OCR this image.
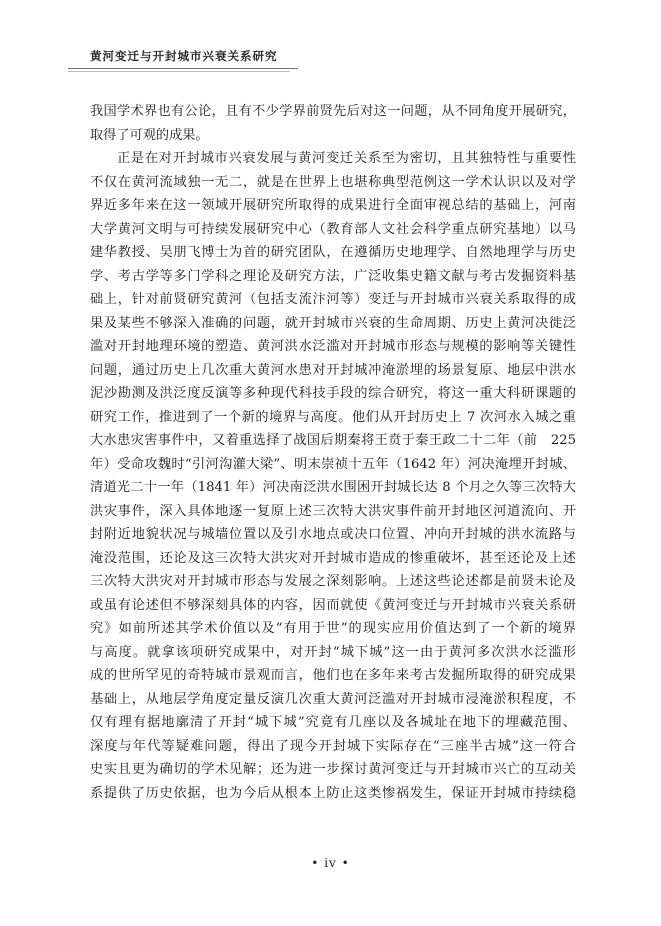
黄河变迁与开封城市兴衰关系研究
我国学术界也有公论，且有不少学界前贤先后对这一问题，从不同角度开展研究，
取得了可观的成果。
正是在对开封城市兴衰发展与黄河变迁关系至为密切，且其独特性与重要性
不仅在黄河流域独一无二，就是在世界上也堪称典型范例这一学术认识以及对学
界近多年来在这一领域开展研究所取得的成果进行全面审视总结的基础上，河南
大学黄河文明与可持续发展研究中心（教育部人文社会科学重点研究基地）以马
建华教授、吴朋飞博士为首的研究团队，在遵循历史地理学、自然地理学与历史
学、考古学等多门学科之理论及研究方法，广泛收集史籍文献与考古发掘资料基
础上，针对前贤研究黄河（包括支流汴河等）变迁与开封城市兴衰关系取得的成
果及某些不够深入准确的问题，就开封城市兴衰的生命周期、历史上黄河决徙泛
滥对开封地理环境的塑造、黄河洪水泛滥对开封城市形态与规模的影响等关键性
问题，通过历史上几次重大黄河水患对开封城冲淹淤埋的场景复原、地层中洪水
泥沙勘测及洪泛度反演等多种现代科技手段的综合研究，将这一重大科研课题的
研究工作，推进到了一个新的境界与高度。他们从开封历史上 7 次河水入城之重
大水患灾害事件中，又着重选择了战国后期秦将王贲于秦王政二十二年（前　225
年）受命攻魏时“引河沟灌大梁”、明末崇祯十五年（1642 年）河决淹埋开封城、
清道光二十一年（1841 年）河决南泛洪水围困开封城长达 8 个月之久等三次特大
洪灾事件，深入具体地逐一复原上述三次特大洪灾事件前开封地区河道流向、开
封附近地貌状况与城墙位置以及引水地点或决口位置、冲向开封城的洪水流路与
淹没范围，还论及这三次特大洪灾对开封城市造成的惨重破坏，甚至还论及上述
三次特大洪灾对开封城市形态与发展之深刻影响。上述这些论述都是前贤未论及
或虽有论述但不够深刻具体的内容，因而就使《黄河变迁与开封城市兴衰关系研
究》如前所述其学术价值以及“有用于世”的现实应用价值达到了一个新的境界
与高度。就拿该项研究成果中，对开封“城下城”这一由于黄河多次洪水泛滥形
成的世所罕见的奇特城市景观而言，他们也在多年来考古发掘所取得的研究成果
基础上，从地层学角度定量反演几次重大黄河泛滥对开封城市浸淹淤积程度，不
仅有理有据地廓清了开封“城下城”究竟有几座以及各城址在地下的埋藏范围、
深度与年代等疑难问题，得出了现今开封城下实际存在“三座半古城”这一符合
史实且更为确切的学术见解；还为进一步探讨黄河变迁与开封城市兴亡的互动关
系提供了历史依据，也为今后从根本上防止这类惨祸发生，保证开封城市持续稳
• iv •
